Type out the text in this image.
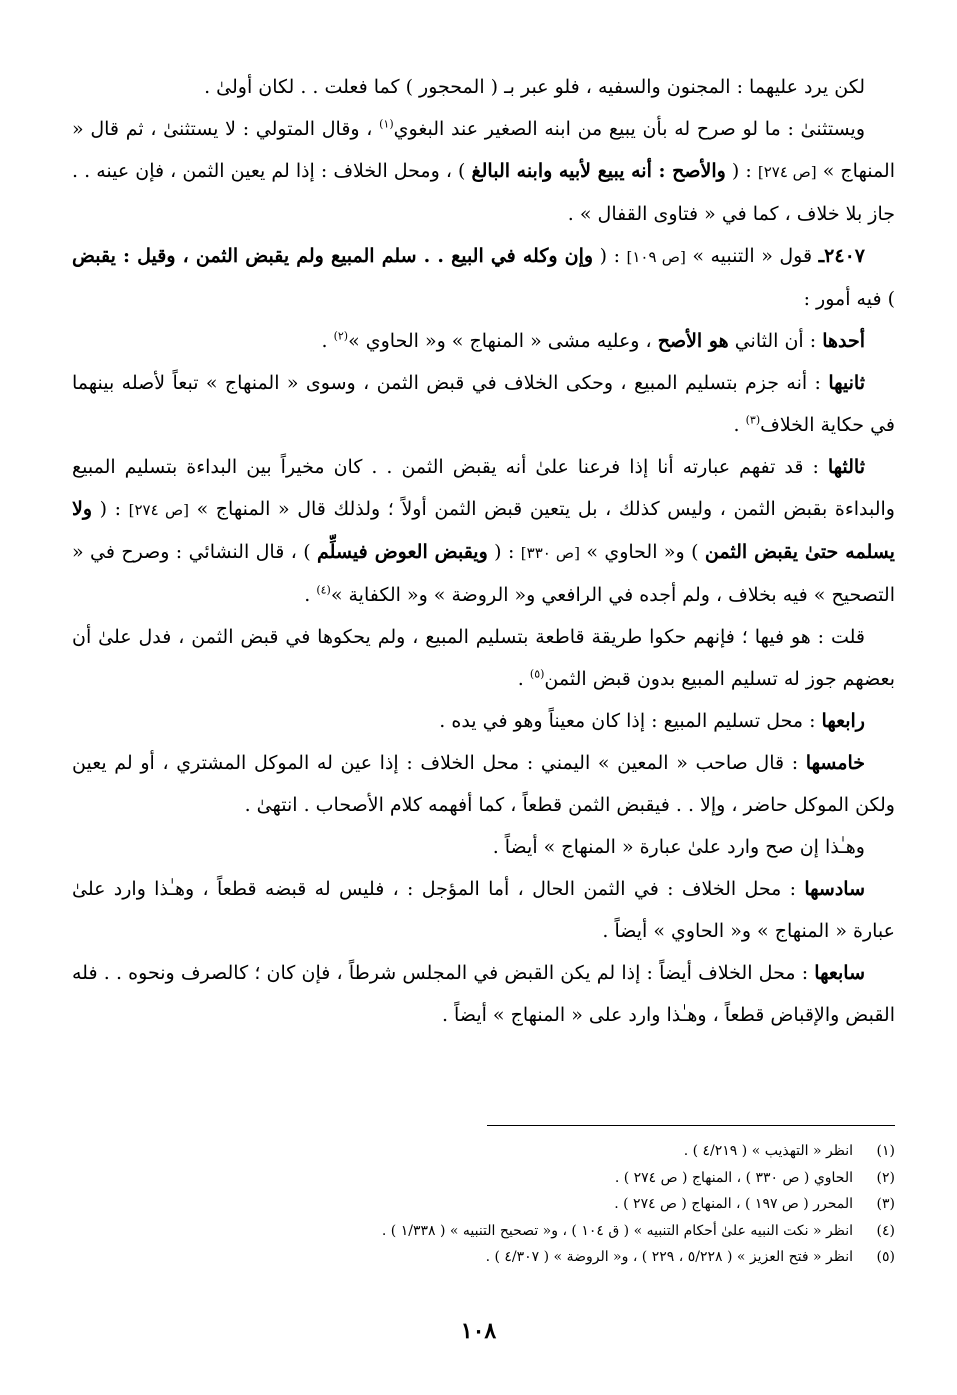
لكن يرد عليهما : المجنون والسفيه ، فلو عبر بـ ( المحجور ) كما فعلت . . لكان أولىٰ .

ويستثنىٰ : ما لو صرح له بأن يبيع من ابنه الصغير عند البغوي$^{(١)}$ ، وقال المتولي : لا يستثنىٰ ، ثم قال « المنهاج » [ص ٢٧٤] : ( والأصح : أنه يبيع لأبيه وابنه البالغ ) ، ومحل الخلاف : إذا لم يعين الثمن ، فإن عينه . . جاز بلا خلاف ، كما في « فتاوى القفال » .

٢٤٠٧ـ قول « التنبيه » [ص ١٠٩] : ( وإن وكله في البيع . . سلم المبيع ولم يقبض الثمن ، وقيل : يقبض ) فيه أمور :

أحدها : أن الثاني هو الأصح ، وعليه مشى « المنهاج » و« الحاوي »$^{(٢)}$ .

ثانيها : أنه جزم بتسليم المبيع ، وحكى الخلاف في قبض الثمن ، وسوى « المنهاج » تبعاً لأصله بينهما في حكاية الخلاف$^{(٣)}$ .

ثالثها : قد تفهم عبارته أنا إذا فرعنا علىٰ أنه يقبض الثمن . . كان مخيراً بين البداءة بتسليم المبيع والبداءة بقبض الثمن ، وليس كذلك ، بل يتعين قبض الثمن أولاً ؛ ولذلك قال « المنهاج » [ص ٢٧٤] : ( ولا يسلمه حتىٰ يقبض الثمن ) و« الحاوي » [ص ٣٣٠] : ( ويقبض العوض فيسلِّم ) ، قال النشائي : وصرح في « التصحيح » فيه بخلاف ، ولم أجده في الرافعي و« الروضة » و« الكفاية »$^{(٤)}$ .

قلت : هو فيها ؛ فإنهم حكوا طريقة قاطعة بتسليم المبيع ، ولم يحكوها في قبض الثمن ، فدل علىٰ أن بعضهم جوز له تسليم المبيع بدون قبض الثمن$^{(٥)}$ .

رابعها : محل تسليم المبيع : إذا كان معيناً وهو في يده .

خامسها : قال صاحب « المعين » اليمني : محل الخلاف : إذا عين له الموكل المشتري ، أو لم يعين ولكن الموكل حاضر ، وإلا . . فيقبض الثمن قطعاً ، كما أفهمه كلام الأصحاب . انتهىٰ .

وهـٰذا إن صح وارد علىٰ عبارة « المنهاج » أيضاً .

سادسها : محل الخلاف : في الثمن الحال ، أما المؤجل : ، فليس له قبضه قطعاً ، وهـٰذا وارد علىٰ عبارة « المنهاج » و« الحاوي » أيضاً .

سابعها : محل الخلاف أيضاً : إذا لم يكن القبض في المجلس شرطاً ، فإن كان ؛ كالصرف ونحوه . . فله القبض والإقباض قطعاً ، وهـٰذا وارد على « المنهاج » أيضاً .

(١)
انظر « التهذيب » ( ٤/٢١٩ ) .
(٢)
الحاوي ( ص ٣٣٠ ) ، المنهاج ( ص ٢٧٤ ) .
(٣)
المحرر ( ص ١٩٧ ) ، المنهاج ( ص ٢٧٤ ) .
(٤)
انظر « نكت النبيه علىٰ أحكام التنبيه » ( ق ١٠٤ ) ، و« تصحيح التنبيه » ( ١/٣٣٨ ) .
(٥)
انظر « فتح العزيز » ( ٥/٢٢٨ ، ٢٢٩ ) ، و« الروضة » ( ٤/٣٠٧ ) .
١٠٨
